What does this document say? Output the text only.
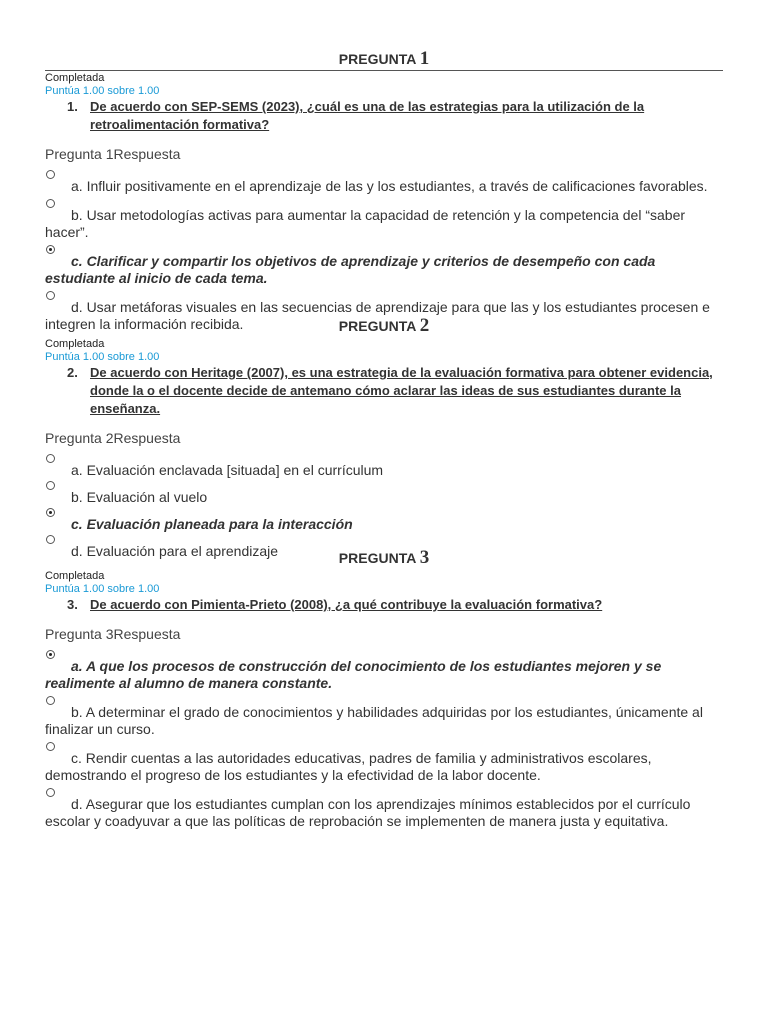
PREGUNTA 1
Completada
Puntúa 1.00 sobre 1.00
1. De acuerdo con SEP-SEMS (2023), ¿cuál es una de las estrategias para la utilización de la retroalimentación formativa?
Pregunta 1Respuesta
a. Influir positivamente en el aprendizaje de las y los estudiantes, a través de calificaciones favorables.
b. Usar metodologías activas para aumentar la capacidad de retención y la competencia del “saber hacer”.
c. Clarificar y compartir los objetivos de aprendizaje y criterios de desempeño con cada estudiante al inicio de cada tema.
d. Usar metáforas visuales en las secuencias de aprendizaje para que las y los estudiantes procesen e integren la información recibida.	PREGUNTA 2
Completada
Puntúa 1.00 sobre 1.00
2. De acuerdo con Heritage (2007), es una estrategia de la evaluación formativa para obtener evidencia, donde la o el docente decide de antemano cómo aclarar las ideas de sus estudiantes durante la enseñanza.
Pregunta 2Respuesta
a. Evaluación enclavada [situada] en el currículum
b. Evaluación al vuelo
c. Evaluación planeada para la interacción
d. Evaluación para el aprendizaje	PREGUNTA 3
Completada
Puntúa 1.00 sobre 1.00
3. De acuerdo con Pimienta-Prieto (2008), ¿a qué contribuye la evaluación formativa?
Pregunta 3Respuesta
a. A que los procesos de construcción del conocimiento de los estudiantes mejoren y se realimente al alumno de manera constante.
b. A determinar el grado de conocimientos y habilidades adquiridas por los estudiantes, únicamente al finalizar un curso.
c. Rendir cuentas a las autoridades educativas, padres de familia y administrativos escolares, demostrando el progreso de los estudiantes y la efectividad de la labor docente.
d. Asegurar que los estudiantes cumplan con los aprendizajes mínimos establecidos por el currículo escolar y coadyuvar a que las políticas de reprobación se implementen de manera justa y equitativa.
